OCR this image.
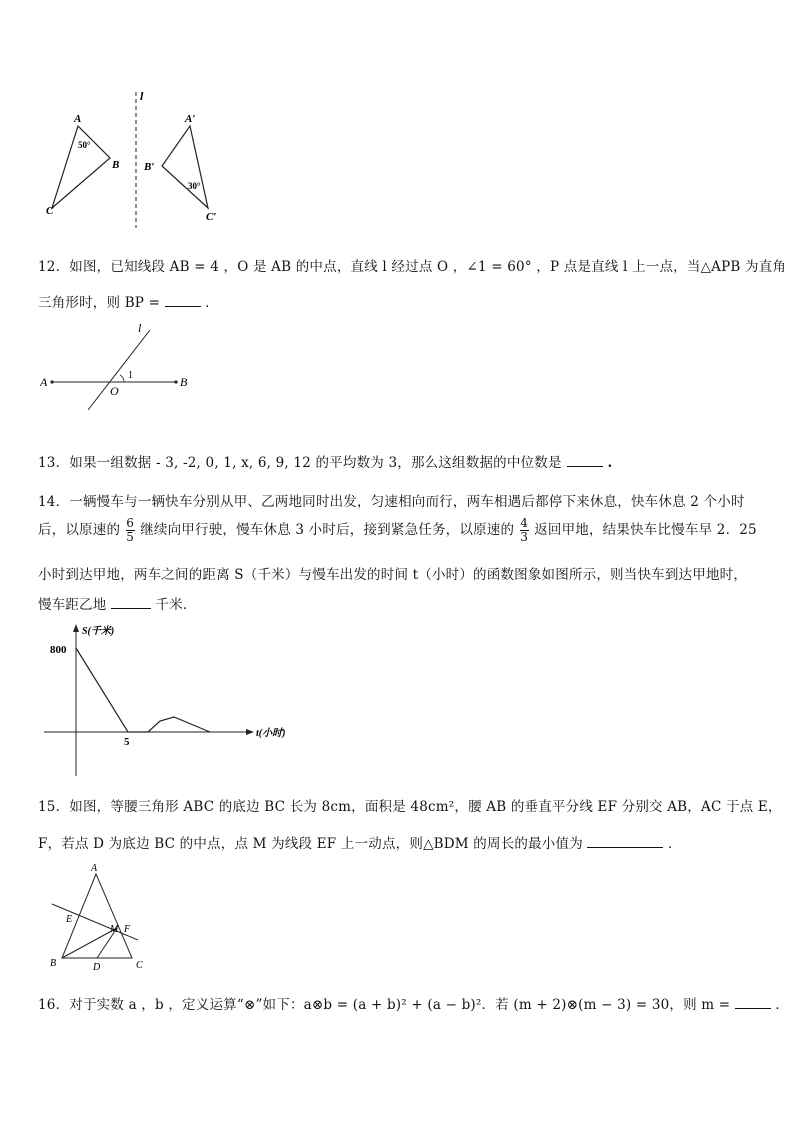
l
A
B
C
50°
A′
B′
C′
30°
12．如图，已知线段 AB = 4 ，O 是 AB 的中点，直线 l 经过点 O ，∠1 = 60° ，P 点是直线 l 上一点，当△APB 为直角
三角形时，则 BP =	．
l
1
A
O
B
13．如果一组数据 - 3, -2, 0, 1, x, 6, 9, 12 的平均数为 3，那么这组数据的中位数是	.
14．一辆慢车与一辆快车分别从甲、乙两地同时出发，匀速相向而行，两车相遇后都停下来休息，快车休息 2 个小时
后，以原速的 $\frac{6}{5}$ 继续向甲行驶，慢车休息 3 小时后，接到紧急任务，以原速的 $\frac{4}{3}$ 返回甲地，结果快车比慢车早 2．25
小时到达甲地，两车之间的距离 S（千米）与慢车出发的时间 t（小时）的函数图象如图所示，则当快车到达甲地时，
慢车距乙地	千米．
S(千米)
t(小时)
800
5
15．如图，等腰三角形 ABC 的底边 BC 长为 8cm，面积是 48cm²，腰 AB 的垂直平分线 EF 分别交 AB，AC 于点 E，
F，若点 D 为底边 BC 的中点，点 M 为线段 EF 上一动点，则△BDM 的周长的最小值为	．
A
E
M F
B	D	C
16．对于实数 a ，b ，定义运算“⊗”如下：a⊗b = (a + b)² + (a − b)²．若 (m + 2)⊗(m − 3) = 30，则 m =	．
